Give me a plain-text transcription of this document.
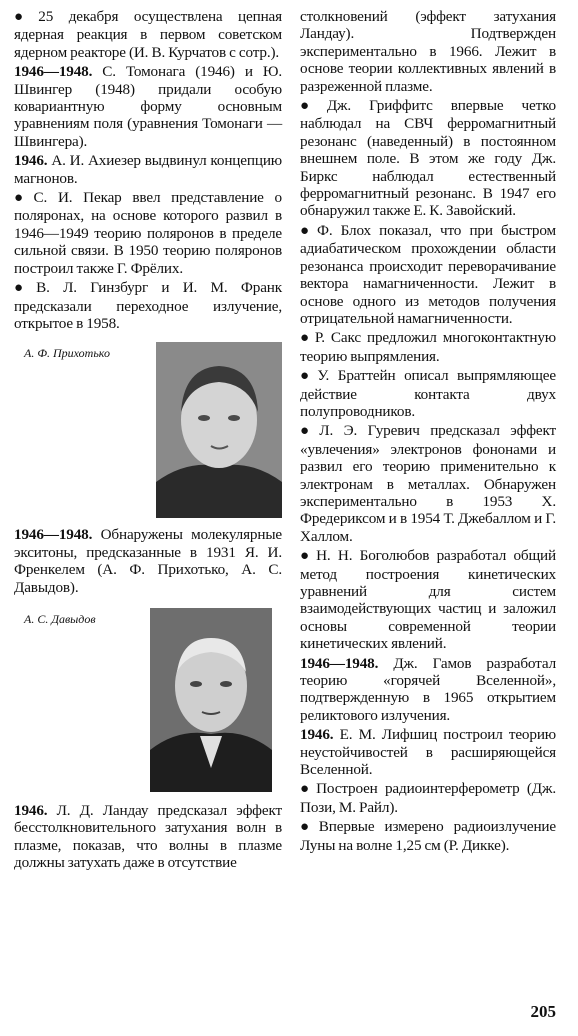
● 25 декабря осуществлена цепная ядерная реакция в первом советском ядерном реакторе (И. В. Курчатов с сотр.).

1946—1948. С. Томонага (1946) и Ю. Швингер (1948) придали особую ковариантную форму основным уравнениям поля (уравнения Томонаги — Швингера).

1946. А. И. Ахиезер выдвинул концепцию магнонов.

● С. И. Пекар ввел представление о поляронах, на основе которого развил в 1946—1949 теорию поляронов в пределе сильной связи. В 1950 теорию поляронов построил также Г. Фрёлих.

● В. Л. Гинзбург и И. М. Франк предсказали переходное излучение, открытое в 1958.

А. Ф. Прихотько

1946—1948. Обнаружены молекулярные экситоны, предсказанные в 1931 Я. И. Френкелем (А. Ф. Прихотько, А. С. Давыдов).

А. С. Давыдов

1946. Л. Д. Ландау предсказал эффект бесстолкновительного затухания волн в плазме, показав, что волны в плазме должны затухать даже в отсутствие

столкновений (эффект затухания Ландау). Подтвержден экспериментально в 1966. Лежит в основе теории коллективных явлений в разреженной плазме.

● Дж. Гриффитс впервые четко наблюдал на СВЧ ферромагнитный резонанс (наведенный) в постоянном внешнем поле. В этом же году Дж. Биркс наблюдал естественный ферромагнитный резонанс. В 1947 его обнаружил также Е. К. Завойский.

● Ф. Блох показал, что при быстром адиабатическом прохождении области резонанса происходит переворачивание вектора намагниченности. Лежит в основе одного из методов получения отрицательной намагниченности.

● Р. Сакс предложил многоконтактную теорию выпрямления.

● У. Браттейн описал выпрямляющее действие контакта двух полупроводников.

● Л. Э. Гуревич предсказал эффект «увлечения» электронов фононами и развил его теорию применительно к электронам в металлах. Обнаружен экспериментально в 1953 Х. Фредериксом и в 1954 Т. Джебаллом и Г. Халлом.

● Н. Н. Боголюбов разработал общий метод построения кинетических уравнений для систем взаимодействующих частиц и заложил основы современной теории кинетических явлений.

1946—1948. Дж. Гамов разработал теорию «горячей Вселенной», подтвержденную в 1965 открытием реликтового излучения.

1946. Е. М. Лифшиц построил теорию неустойчивостей в расширяющейся Вселенной.

● Построен радиоинтерферометр (Дж. Пози, М. Райл).

● Впервые измерено радиоизлучение Луны на волне 1,25 см (Р. Дикке).

205
